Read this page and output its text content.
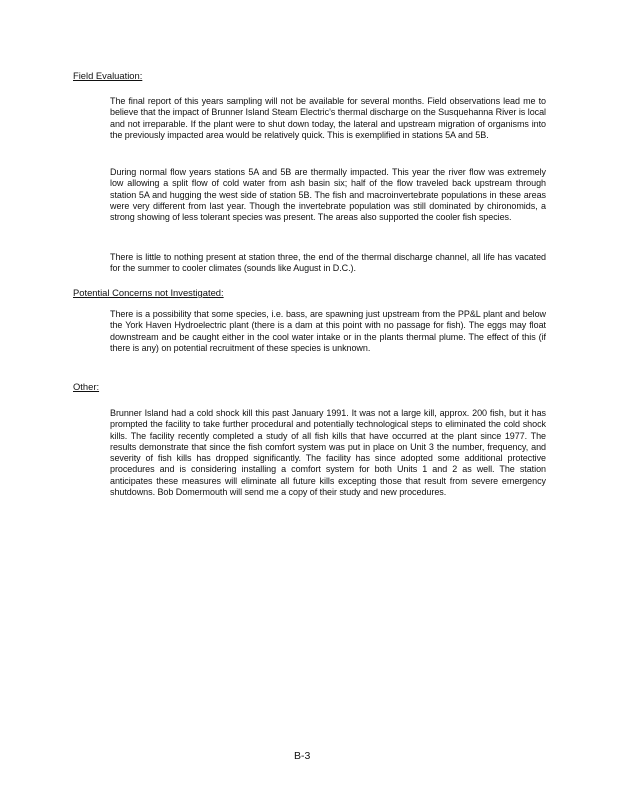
Field Evaluation:

The final report of this years sampling will not be available for several months. Field observations lead me to believe that the impact of Brunner Island Steam Electric's thermal discharge on the Susquehanna River is local and not irreparable. If the plant were to shut down today, the lateral and upstream migration of organisms into the previously impacted area would be relatively quick. This is exemplified in stations 5A and 5B.

During normal flow years stations 5A and 5B are thermally impacted. This year the river flow was extremely low allowing a split flow of cold water from ash basin six; half of the flow traveled back upstream through station 5A and hugging the west side of station 5B. The fish and macroinvertebrate populations in these areas were very different from last year. Though the invertebrate population was still dominated by chironomids, a strong showing of less tolerant species was present. The areas also supported the cooler fish species.

There is little to nothing present at station three, the end of the thermal discharge channel, all life has vacated for the summer to cooler climates (sounds like August in D.C.).

Potential Concerns not Investigated:

There is a possibility that some species, i.e. bass, are spawning just upstream from the PP&L plant and below the York Haven Hydroelectric plant (there is a dam at this point with no passage for fish). The eggs may float downstream and be caught either in the cool water intake or in the plants thermal plume. The effect of this (if there is any) on potential recruitment of these species is unknown.

Other:

Brunner Island had a cold shock kill this past January 1991. It was not a large kill, approx. 200 fish, but it has prompted the facility to take further procedural and potentially technological steps to eliminated the cold shock kills. The facility recently completed a study of all fish kills that have occurred at the plant since 1977. The results demonstrate that since the fish comfort system was put in place on Unit 3 the number, frequency, and severity of fish kills has dropped significantly. The facility has since adopted some additional protective procedures and is considering installing a comfort system for both Units 1 and 2 as well. The station anticipates these measures will eliminate all future kills excepting those that result from severe emergency shutdowns. Bob Domermouth will send me a copy of their study and new procedures.

B-3
